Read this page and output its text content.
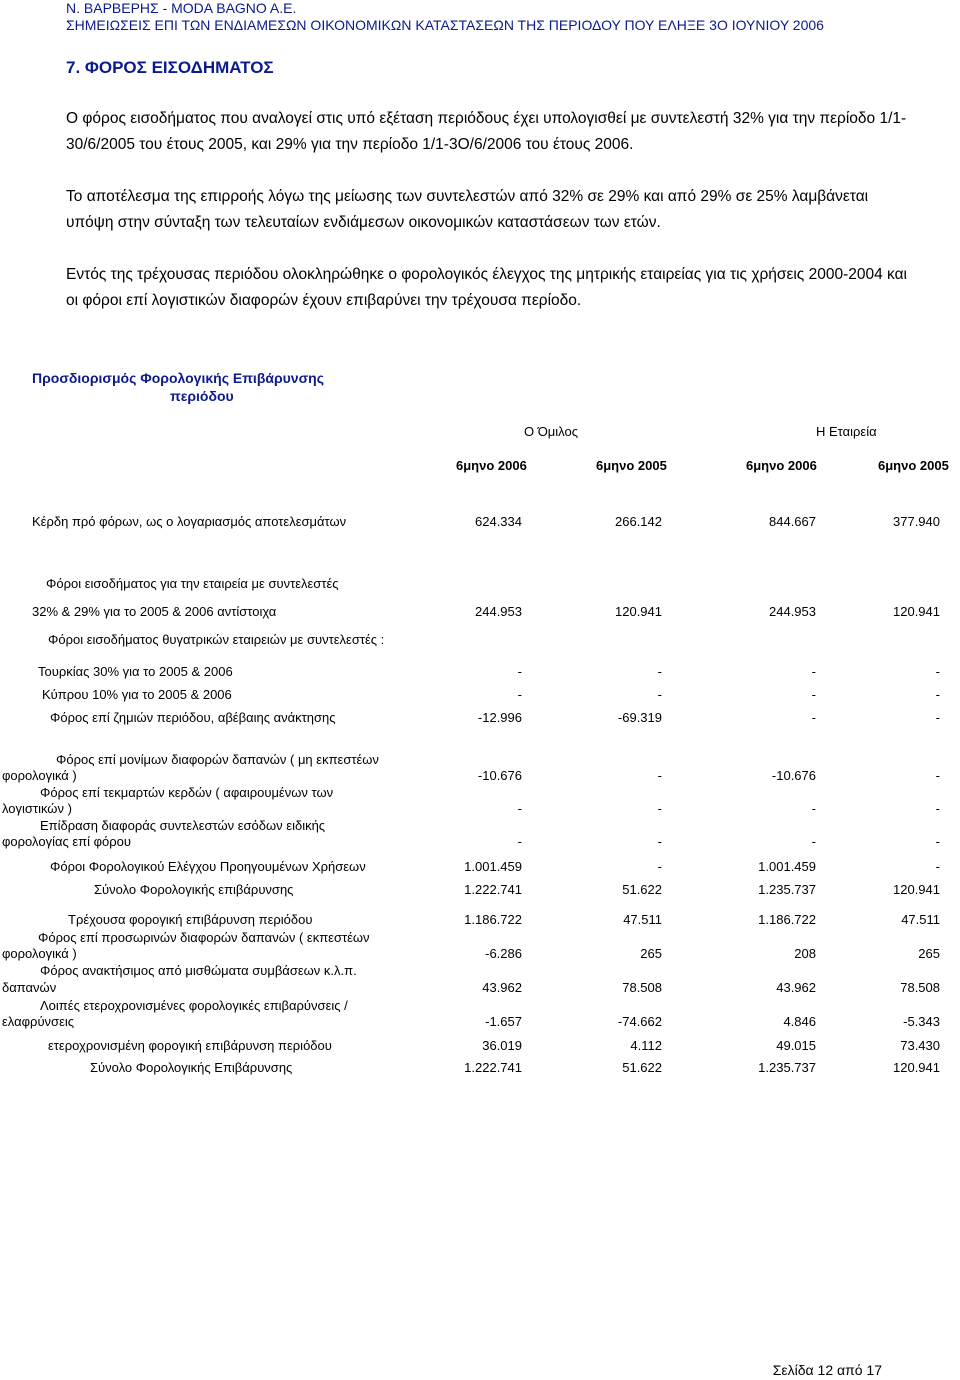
Ν. ΒΑΡΒΕΡΗΣ - MODA BAGNO A.E.
ΣΗΜΕΙΩΣΕΙΣ ΕΠΙ ΤΩΝ ΕΝΔΙΑΜΕΣΩΝ ΟΙΚΟΝΟΜΙΚΩΝ ΚΑΤΑΣΤΑΣΕΩΝ ΤΗΣ ΠΕΡΙΟΔΟΥ ΠΟΥ ΕΛΗΞΕ 3Ο ΙΟΥΝΙΟΥ 2006
7. ΦΟΡΟΣ ΕΙΣΟΔΗΜΑΤΟΣ
Ο φόρος εισοδήματος που αναλογεί στις υπό εξέταση περιόδους έχει υπολογισθεί με συντελεστή 32% για την περίοδο 1/1-30/6/2005 του έτους 2005, και 29% για την περίοδο 1/1-3Ο/6/2006 του έτους 2006.
Το αποτέλεσμα της επιρροής λόγω της μείωσης των συντελεστών από 32% σε 29% και από 29% σε 25% λαμβάνεται υπόψη στην σύνταξη των τελευταίων ενδιάμεσων οικονομικών καταστάσεων των ετών.
Εντός της τρέχουσας περιόδου ολοκληρώθηκε ο φορολογικός έλεγχος της μητρικής εταιρείας για τις χρήσεις 2000-2004 και οι φόροι επί λογιστικών διαφορών έχουν επιβαρύνει την τρέχουσα περίοδο.
Προσδιορισμός Φορολογικής Επιβάρυνσης
περιόδου
Ο Όμιλος	Η Εταιρεία
6μηνο 2006	6μηνο 2005	6μηνο 2006	6μηνο 2005
Κέρδη πρό φόρων, ως ο λογαριασμός αποτελεσμάτων	624.334	266.142	844.667	377.940
Φόροι εισοδήματος για την εταιρεία με συντελεστές
32% & 29% για το 2005 & 2006 αντίστοιχα	244.953	120.941	244.953	120.941
Φόροι εισοδήματος θυγατρικών εταιρειών με συντελεστές :
Τουρκίας 30% για το 2005 & 2006	-	-	-	-
Κύπρου 10% για το 2005 & 2006	-	-	-	-
Φόρος επί ζημιών περιόδου, αβέβαιης ανάκτησης	-12.996	-69.319	-	-
Φόρος επί μονίμων διαφορών δαπανών ( μη εκπεστέων
φορολογικά )	-10.676	-	-10.676	-
Φόρος επί τεκμαρτών κερδών ( αφαιρουμένων των
λογιστικών )	-	-	-	-
Επίδραση διαφοράς συντελεστών εσόδων ειδικής
φορολογίας επί φόρου	-	-	-	-
Φόροι Φορολογικού Ελέγχου Προηγουμένων Χρήσεων	1.001.459	-	1.001.459	-
Σύνολο Φορολογικής επιβάρυνσης	1.222.741	51.622	1.235.737	120.941
Τρέχουσα φορογική επιβάρυνση περιόδου	1.186.722	47.511	1.186.722	47.511
Φόρος επί προσωρινών διαφορών δαπανών ( εκπεστέων
φορολογικά )	-6.286	265	208	265
Φόρος ανακτήσιμος από μισθώματα συμβάσεων κ.λ.π.
δαπανών	43.962	78.508	43.962	78.508
Λοιπές ετεροχρονισμένες φορολογικές επιβαρύνσεις /
ελαφρύνσεις	-1.657	-74.662	4.846	-5.343
ετεροχρονισμένη φορογική επιβάρυνση περιόδου	36.019	4.112	49.015	73.430
Σύνολο Φορολογικής Επιβάρυνσης	1.222.741	51.622	1.235.737	120.941
Σελίδα 12 από 17
